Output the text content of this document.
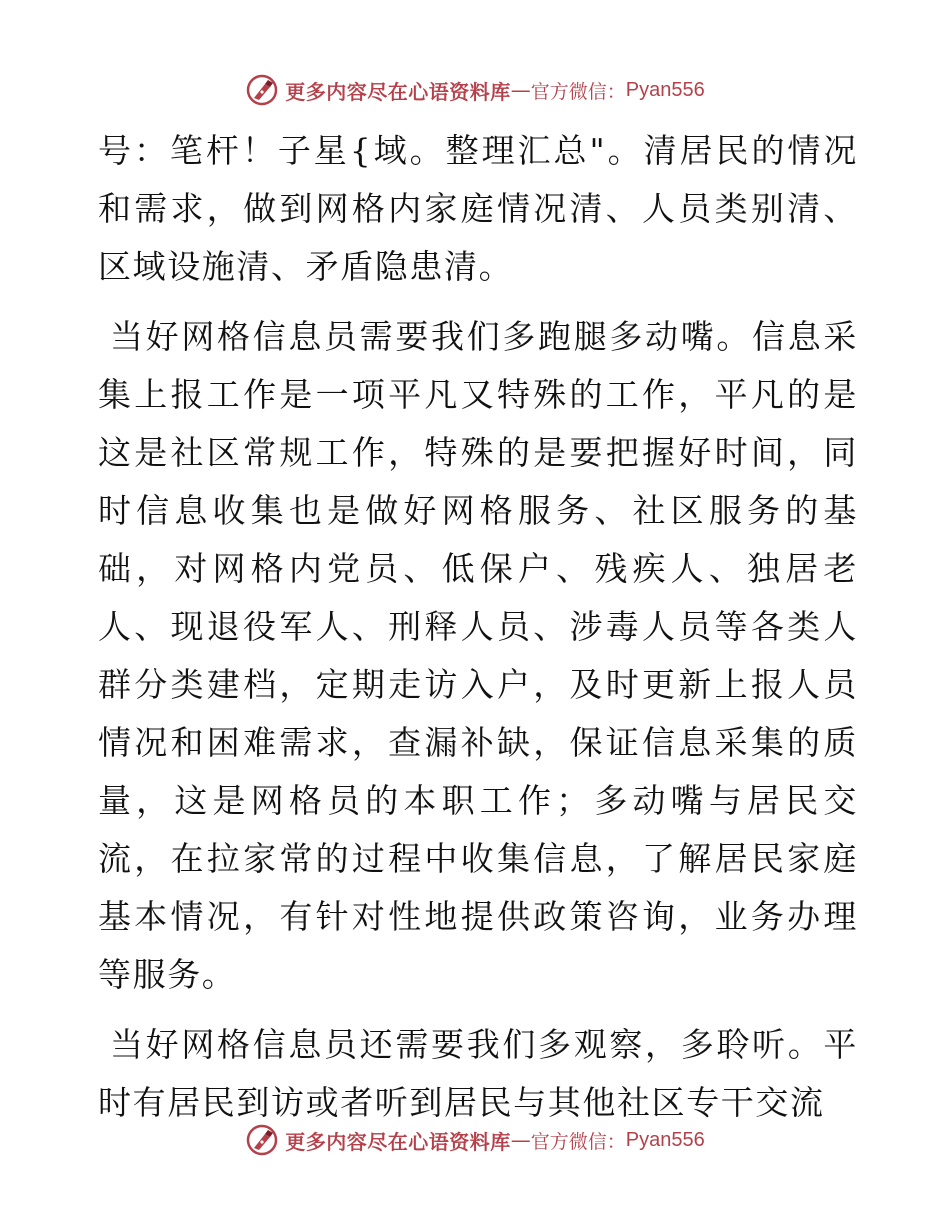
更多内容尽在心语资料库 — 官方微信： Pyan556

号：笔杆！子星{域。整理汇总"。清居民的情况和需求，做到网格内家庭情况清、人员类别清、区域设施清、矛盾隐患清。

当好网格信息员需要我们多跑腿多动嘴。信息采集上报工作是一项平凡又特殊的工作，平凡的是这是社区常规工作，特殊的是要把握好时间，同时信息收集也是做好网格服务、社区服务的基础，对网格内党员、低保户、残疾人、独居老人、现退役军人、刑释人员、涉毒人员等各类人群分类建档，定期走访入户，及时更新上报人员情况和困难需求，查漏补缺，保证信息采集的质量，这是网格员的本职工作；多动嘴与居民交流，在拉家常的过程中收集信息，了解居民家庭基本情况，有针对性地提供政策咨询，业务办理等服务。

当好网格信息员还需要我们多观察，多聆听。平时有居民到访或者听到居民与其他社区专干交流

更多内容尽在心语资料库 — 官方微信： Pyan556
